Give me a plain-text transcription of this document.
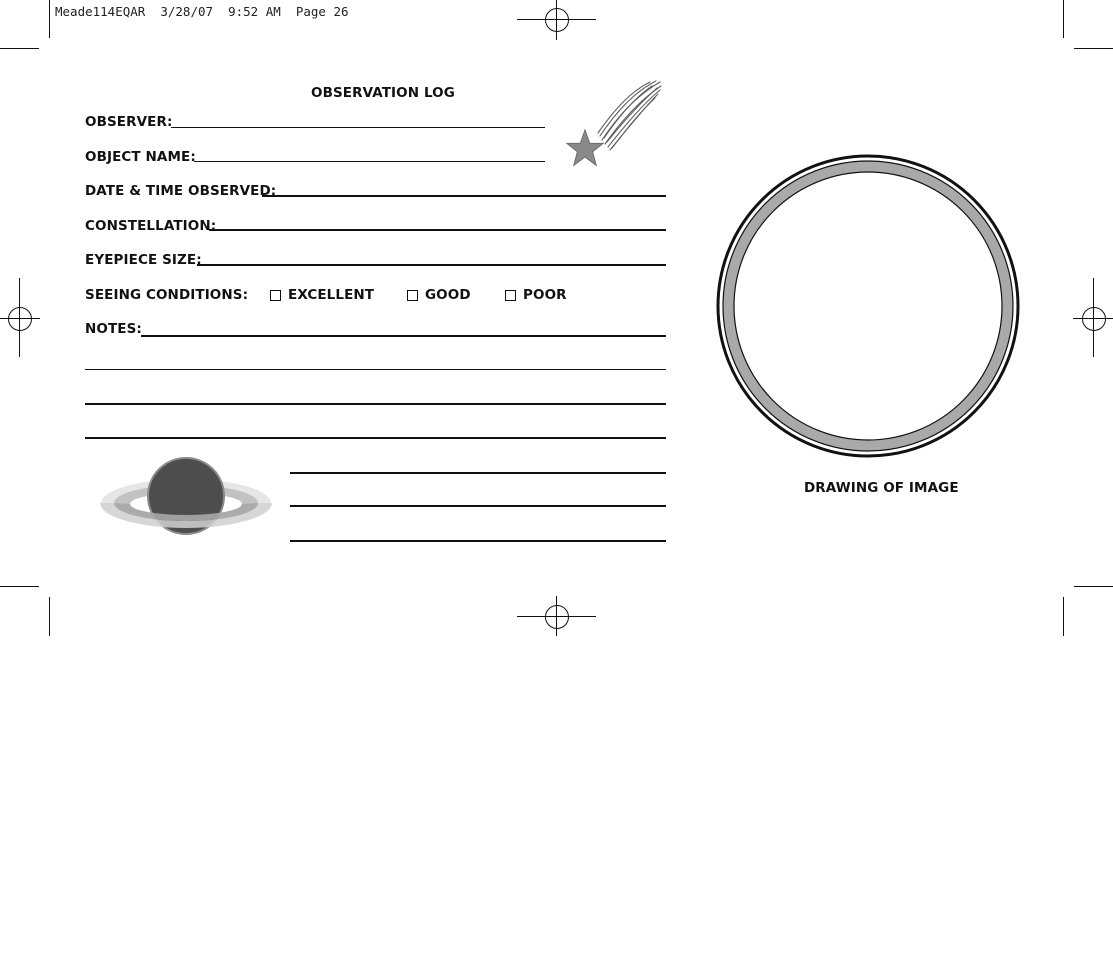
Meade114EQAR  3/28/07  9:52 AM  Page 26
OBSERVATION LOG
OBSERVER:
OBJECT NAME:
DATE & TIME OBSERVED:
CONSTELLATION:
EYEPIECE SIZE:
SEEING CONDITIONS:	EXCELLENT	GOOD	POOR
NOTES:
DRAWING OF IMAGE
